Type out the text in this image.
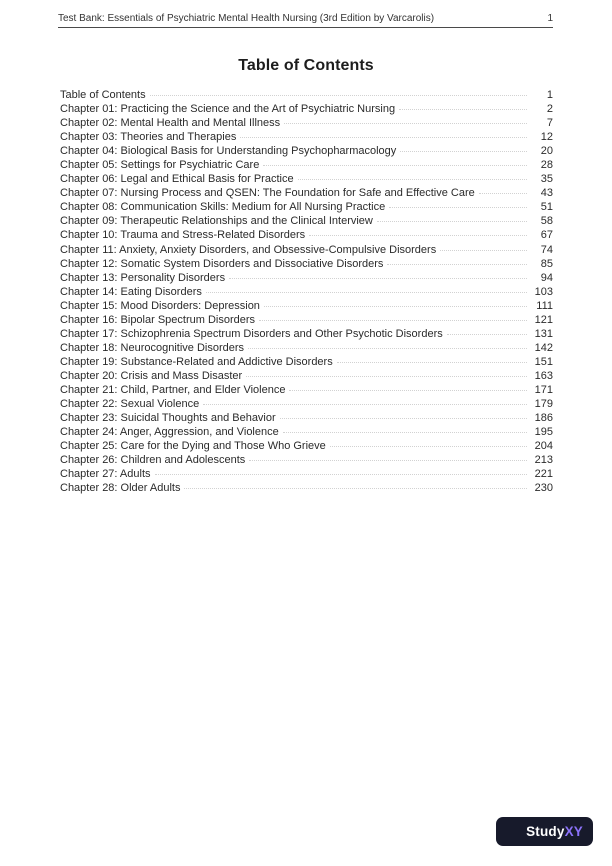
Test Bank: Essentials of Psychiatric Mental Health Nursing (3rd Edition by Varcarolis)	1
Table of Contents
Table of Contents	1
Chapter 01: Practicing the Science and the Art of Psychiatric Nursing	2
Chapter 02: Mental Health and Mental Illness	7
Chapter 03: Theories and Therapies	12
Chapter 04: Biological Basis for Understanding Psychopharmacology	20
Chapter 05: Settings for Psychiatric Care	28
Chapter 06: Legal and Ethical Basis for Practice	35
Chapter 07: Nursing Process and QSEN: The Foundation for Safe and Effective Care	43
Chapter 08: Communication Skills: Medium for All Nursing Practice	51
Chapter 09: Therapeutic Relationships and the Clinical Interview	58
Chapter 10: Trauma and Stress-Related Disorders	67
Chapter 11: Anxiety, Anxiety Disorders, and Obsessive-Compulsive Disorders	74
Chapter 12: Somatic System Disorders and Dissociative Disorders	85
Chapter 13: Personality Disorders	94
Chapter 14: Eating Disorders	103
Chapter 15: Mood Disorders: Depression	111
Chapter 16: Bipolar Spectrum Disorders	121
Chapter 17: Schizophrenia Spectrum Disorders and Other Psychotic Disorders	131
Chapter 18: Neurocognitive Disorders	142
Chapter 19: Substance-Related and Addictive Disorders	151
Chapter 20: Crisis and Mass Disaster	163
Chapter 21: Child, Partner, and Elder Violence	171
Chapter 22: Sexual Violence	179
Chapter 23: Suicidal Thoughts and Behavior	186
Chapter 24: Anger, Aggression, and Violence	195
Chapter 25: Care for the Dying and Those Who Grieve	204
Chapter 26: Children and Adolescents	213
Chapter 27: Adults	221
Chapter 28: Older Adults	230
StudyXY
